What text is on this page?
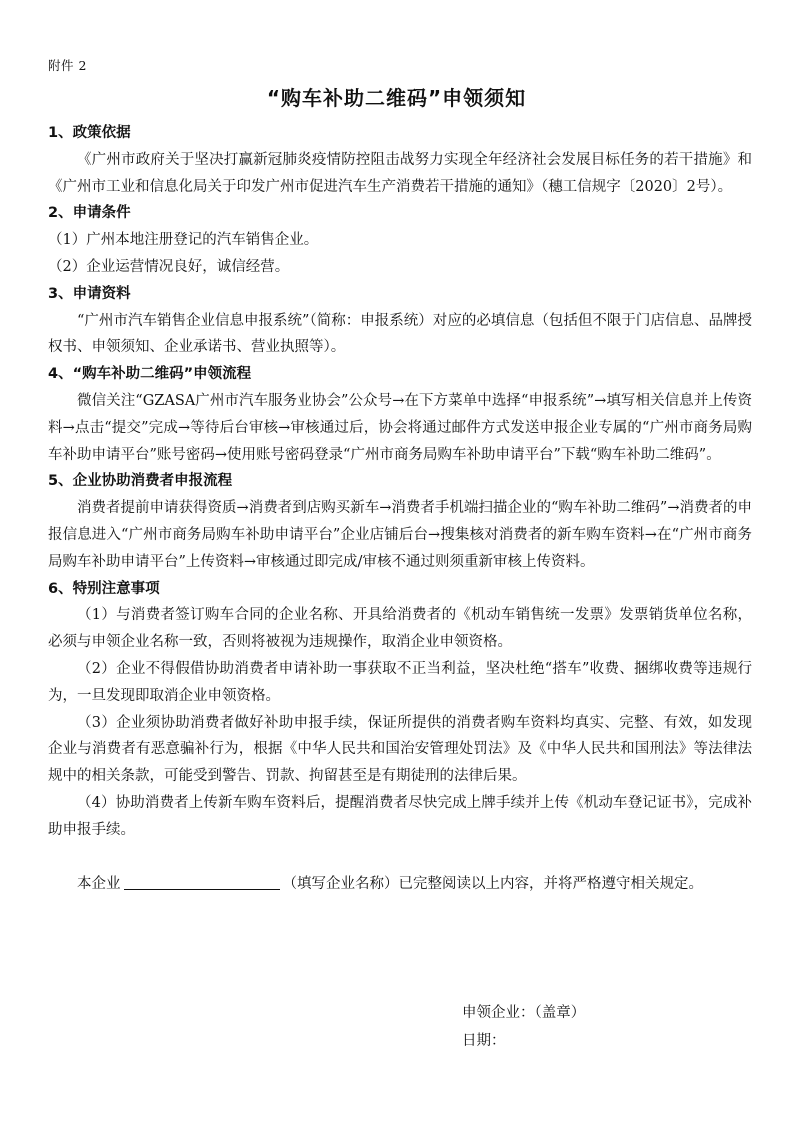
附件 2
“购车补助二维码”申领须知
1、政策依据
《广州市政府关于坚决打赢新冠肺炎疫情防控阻击战努力实现全年经济社会发展目标任务的若干措施》和《广州市工业和信息化局关于印发广州市促进汽车生产消费若干措施的通知》（穗工信规字〔2020〕2号）。
2、申请条件
（1）广州本地注册登记的汽车销售企业。
（2）企业运营情况良好，诚信经营。
3、申请资料
“广州市汽车销售企业信息申报系统”（简称：申报系统）对应的必填信息（包括但不限于门店信息、品牌授权书、申领须知、企业承诺书、营业执照等）。
4、“购车补助二维码”申领流程
微信关注“GZASA广州市汽车服务业协会”公众号→在下方菜单中选择“申报系统”→填写相关信息并上传资料→点击“提交”完成→等待后台审核→审核通过后，协会将通过邮件方式发送申报企业专属的“广州市商务局购车补助申请平台”账号密码→使用账号密码登录“广州市商务局购车补助申请平台”下载“购车补助二维码”。
5、企业协助消费者申报流程
消费者提前申请获得资质→消费者到店购买新车→消费者手机端扫描企业的“购车补助二维码”→消费者的申报信息进入“广州市商务局购车补助申请平台”企业店铺后台→搜集核对消费者的新车购车资料→在“广州市商务局购车补助申请平台”上传资料→审核通过即完成/审核不通过则须重新审核上传资料。
6、特别注意事项
（1）与消费者签订购车合同的企业名称、开具给消费者的《机动车销售统一发票》发票销货单位名称，必须与申领企业名称一致，否则将被视为违规操作，取消企业申领资格。
（2）企业不得假借协助消费者申请补助一事获取不正当利益，坚决杜绝“搭车”收费、捆绑收费等违规行为，一旦发现即取消企业申领资格。
（3）企业须协助消费者做好补助申报手续，保证所提供的消费者购车资料均真实、完整、有效，如发现企业与消费者有恶意骗补行为，根据《中华人民共和国治安管理处罚法》及《中华人民共和国刑法》等法律法规中的相关条款，可能受到警告、罚款、拘留甚至是有期徒刑的法律后果。
（4）协助消费者上传新车购车资料后，提醒消费者尽快完成上牌手续并上传《机动车登记证书》，完成补助申报手续。
本企业	（填写企业名称）已完整阅读以上内容，并将严格遵守相关规定。
申领企业：（盖章）
日期：
